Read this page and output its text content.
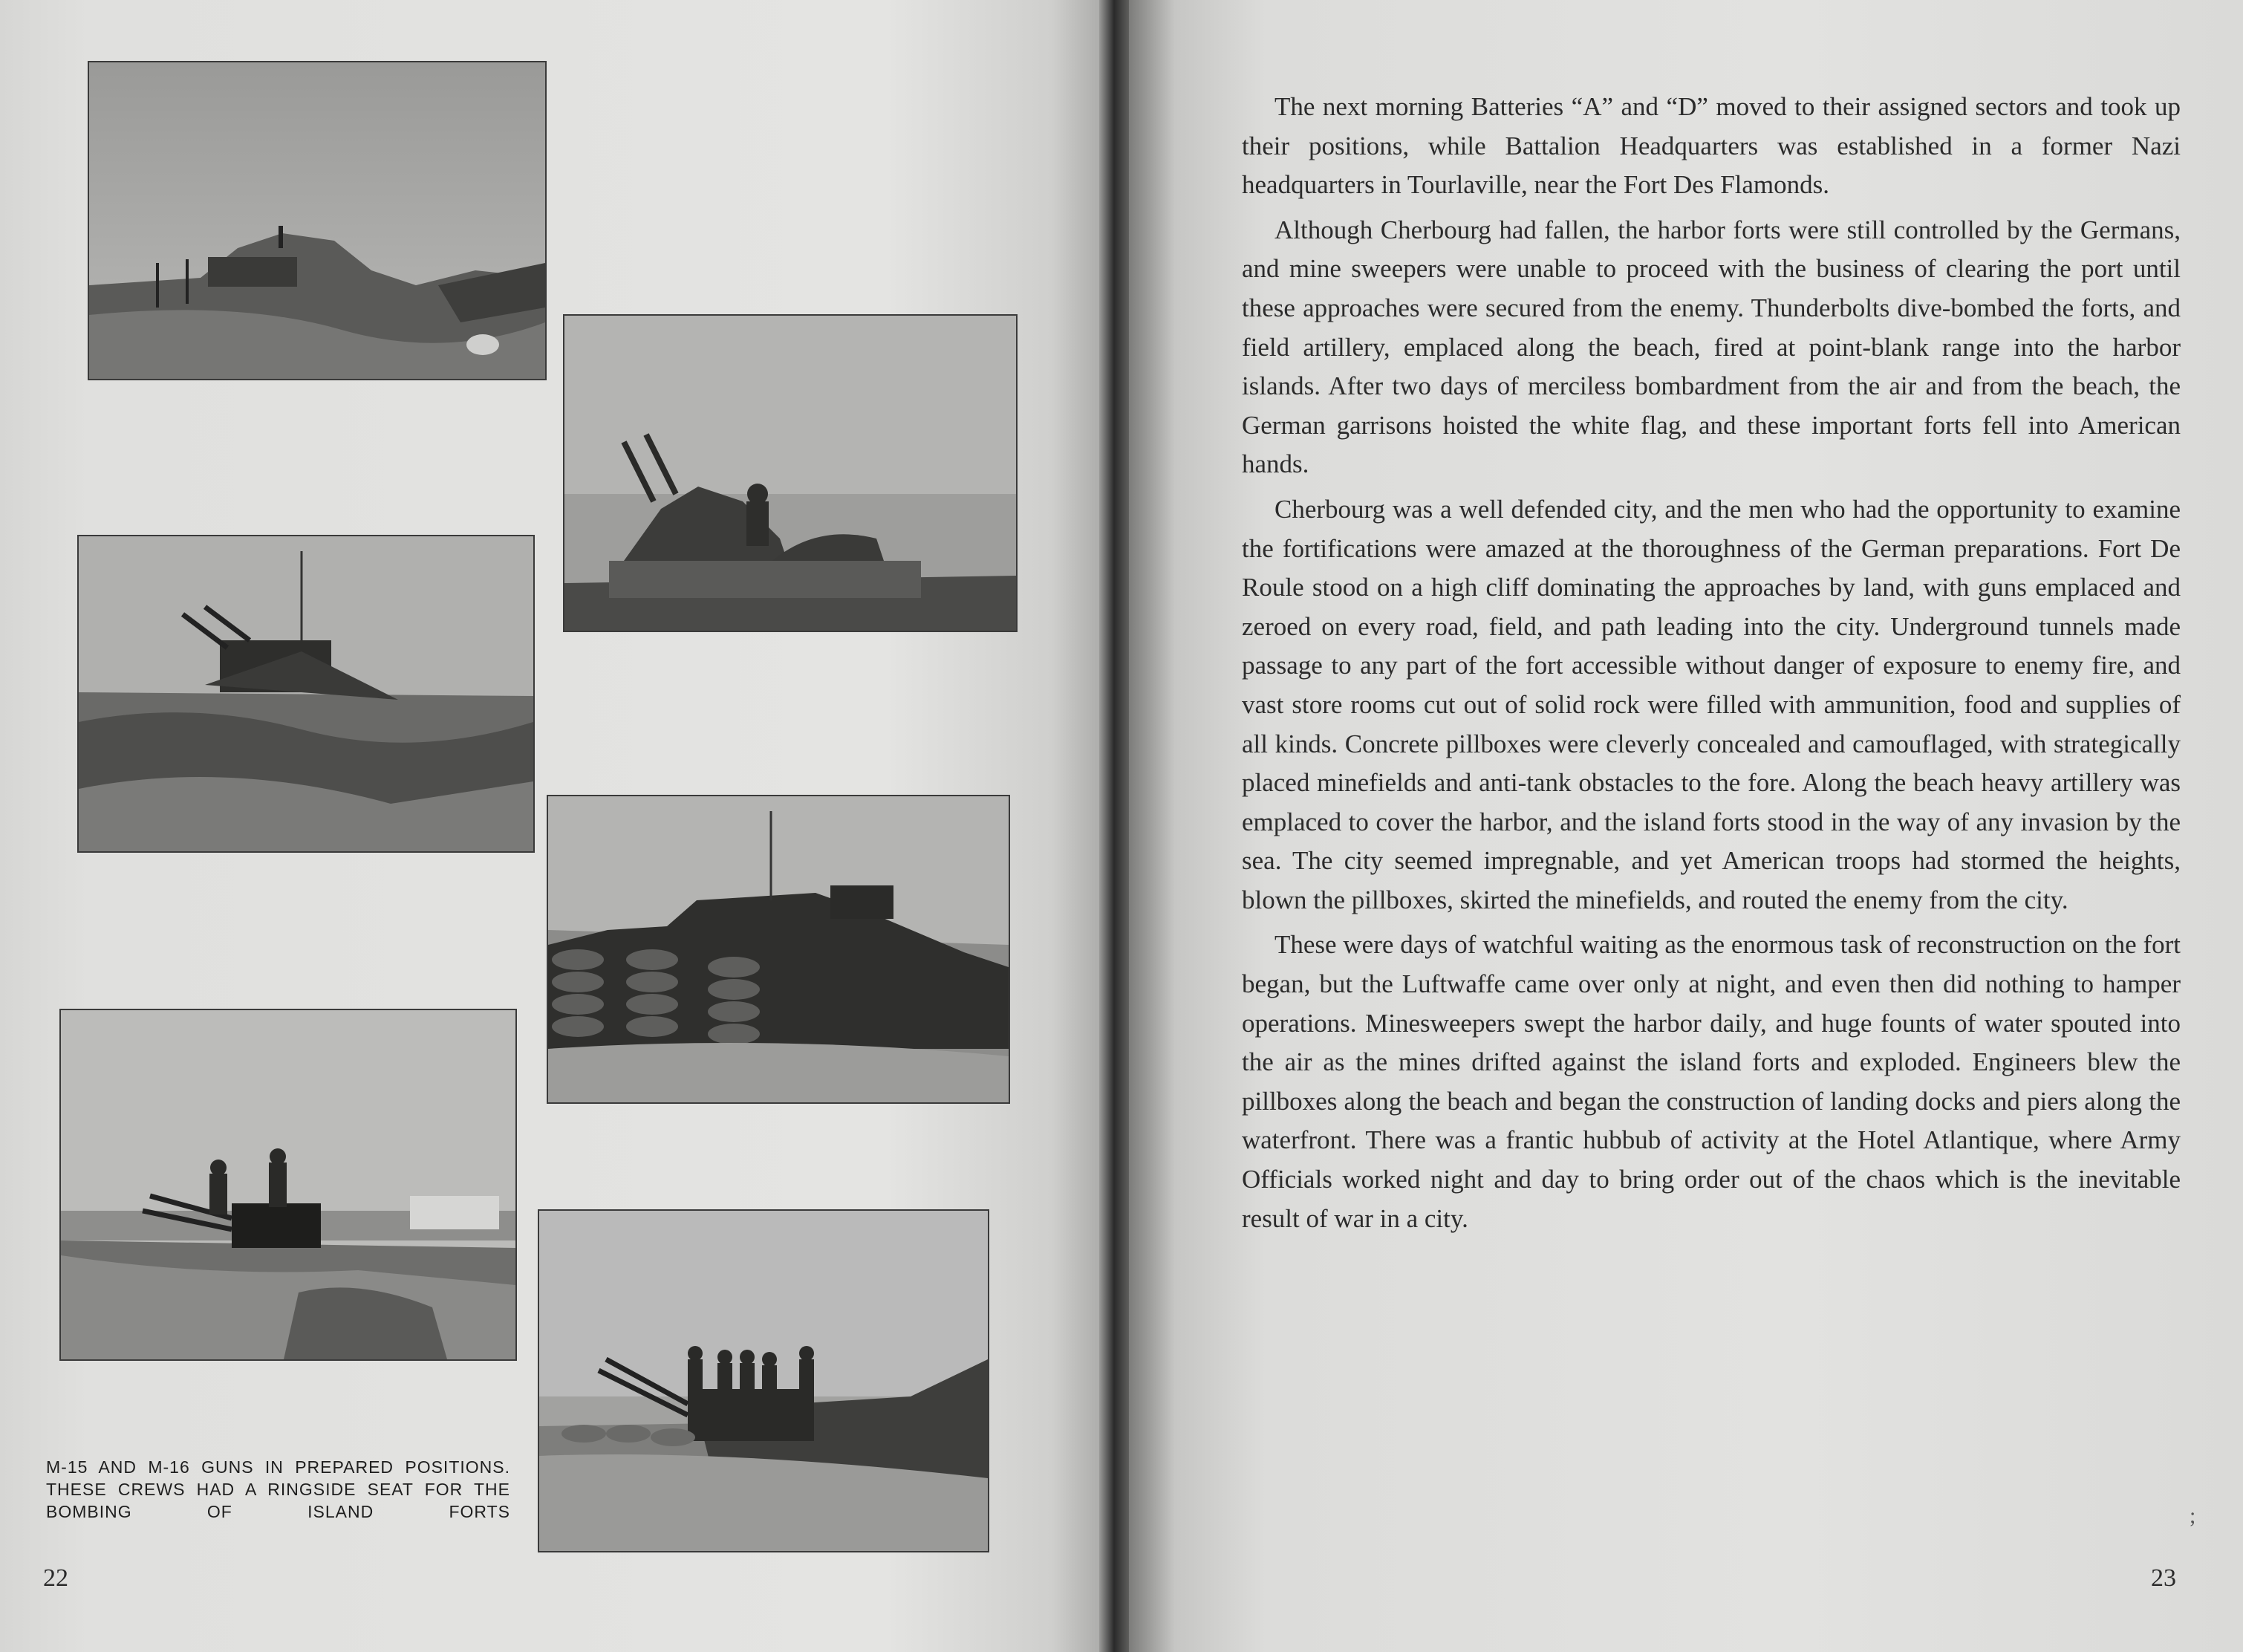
M-15 AND M-16 GUNS IN PREPARED POSITIONS. THESE CREWS HAD A RINGSIDE SEAT FOR THE BOMBING OF ISLAND FORTS
22

The next morning Batteries “A” and “D” moved to their assigned sectors and took up their positions, while Battalion Headquarters was established in a former Nazi headquarters in Tourlaville, near the Fort Des Flamonds.

Although Cherbourg had fallen, the harbor forts were still controlled by the Germans, and mine sweepers were unable to proceed with the business of clearing the port until these approaches were secured from the enemy. Thunderbolts dive-bombed the forts, and field artillery, emplaced along the beach, fired at point-blank range into the harbor islands. After two days of merciless bombardment from the air and from the beach, the German garrisons hoisted the white flag, and these important forts fell into American hands.

Cherbourg was a well defended city, and the men who had the opportunity to examine the fortifications were amazed at the thoroughness of the German preparations. Fort De Roule stood on a high cliff dominating the approaches by land, with guns emplaced and zeroed on every road, field, and path leading into the city. Underground tunnels made passage to any part of the fort accessible without danger of exposure to enemy fire, and vast store rooms cut out of solid rock were filled with ammunition, food and supplies of all kinds. Concrete pillboxes were cleverly concealed and camouflaged, with strategically placed minefields and anti-tank obstacles to the fore. Along the beach heavy artillery was emplaced to cover the harbor, and the island forts stood in the way of any invasion by the sea. The city seemed impregnable, and yet American troops had stormed the heights, blown the pillboxes, skirted the minefields, and routed the enemy from the city.

These were days of watchful waiting as the enormous task of reconstruction on the fort began, but the Luftwaffe came over only at night, and even then did nothing to hamper operations. Minesweepers swept the harbor daily, and huge founts of water spouted into the air as the mines drifted against the island forts and exploded. Engineers blew the pillboxes along the beach and began the construction of landing docks and piers along the waterfront. There was a frantic hubbub of activity at the Hotel Atlantique, where Army Officials worked night and day to bring order out of the chaos which is the inevitable result of war in a city.

;
23
